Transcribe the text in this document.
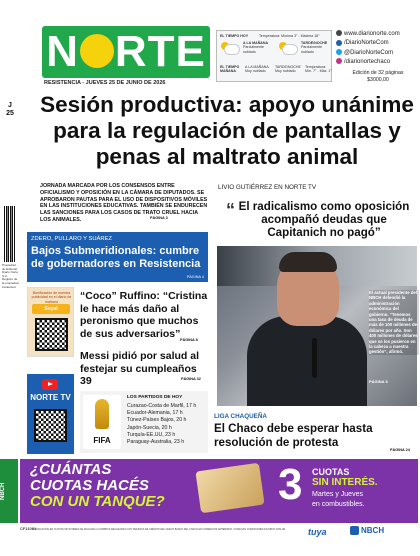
N RTE
RESISTENCIA - JUEVES 25 DE JUNIO DE 2026
EL TIEMPO HOY	Temperatura: Mínima 3° - Máxima 18°
A LA MAÑANA
Parcialmente nublado
TARDE/NOCHE
Parcialmente nublado
EL TIEMPO MAÑANA
A LA MAÑANA Muy nublado
TARDE/NOCHE Muy nublado
Temperatura: Mín. 7° - Máx. 1°
www.diarionorte.com
/DiarioNorteCom
@DiarioNorteCom
/diarionortechaco
Edición de 32 páginas
$3000,00
J
25 Sesión productiva: apoyo unánime para la regulación de pantallas y penas al maltrato animal
JORNADA MARCADA POR LOS CONSENSOS ENTRE OFICIALISMO Y OPOSICIÓN EN LA CÁMARA DE DIPUTADOS. SE APROBARON PAUTAS PARA EL USO DE DISPOSITIVOS MÓVILES EN LAS INSTITUCIONES EDUCATIVAS. TAMBIÉN SE ENDURECEN LAS SANCIONES PARA LOS CASOS DE TRATO CRUEL HACIA LOS ANIMALES.	PÁGINA 3
Propiedad de Editorial Diario Norte S.A. Registro de la propiedad intelectual
ZDERO, PULLARO Y SUÁREZ
Bajos Submeridionales: cumbre de gobernadores en Resistencia
PÁGINA 4
Bonificación de nuestra publicidad en el diario de mañana
Soyal
“Coco” Ruffino: “Cristina le hace más daño al peronismo que muchos de sus adversarios”
PÁGINA 8
Messi pidió por salud al festejar su cumpleaños 39	PÁGINA 32
NORTE TV
FIFA
LOS PARTIDOS DE HOY
Curazao-Costa de Marfil, 17 h
Ecuador-Alemania, 17 h
Túnez-Países Bajos, 20 h
Japón-Suecia, 20 h
Turquía-EE.UU, 23 h
Paraguay-Australia, 23 h
LIVIO GUTIÉRREZ EN NORTE TV
“ El radicalismo como oposición acompañó deudas que Capitanich no pagó”
El actual presidente del NBCH defendió la administración económica del gobierno. “Tenemos una tasa de deuda de más de 100 millones de dólares por año. Son 400 millones de dólares que se los pusieron en la cabeza a nuestra gestión”, afirmó.
PÁGINA 5
LIGA CHAQUEÑA
El Chaco debe esperar hasta resolución de protesta
PÁGINA 24
NBCH
¿CUÁNTAS
CUOTAS HACÉS
CON UN TANQUE?	3 CUOTAS
SIN INTERÉS.
Martes y Jueves
en combustibles.
CF11001
BONIFICACIÓN EN CUOTAS SIN INTERÉS SE APLICARÁ A COMPRAS REALIZADAS CON TARJETAS DE CRÉDITO DEL NUEVO BANCO DEL CHACO EN COMERCIOS ADHERIDOS. CONSULTE CONDICIONES EN NBCH.COM.AR	tuya	NBCH
